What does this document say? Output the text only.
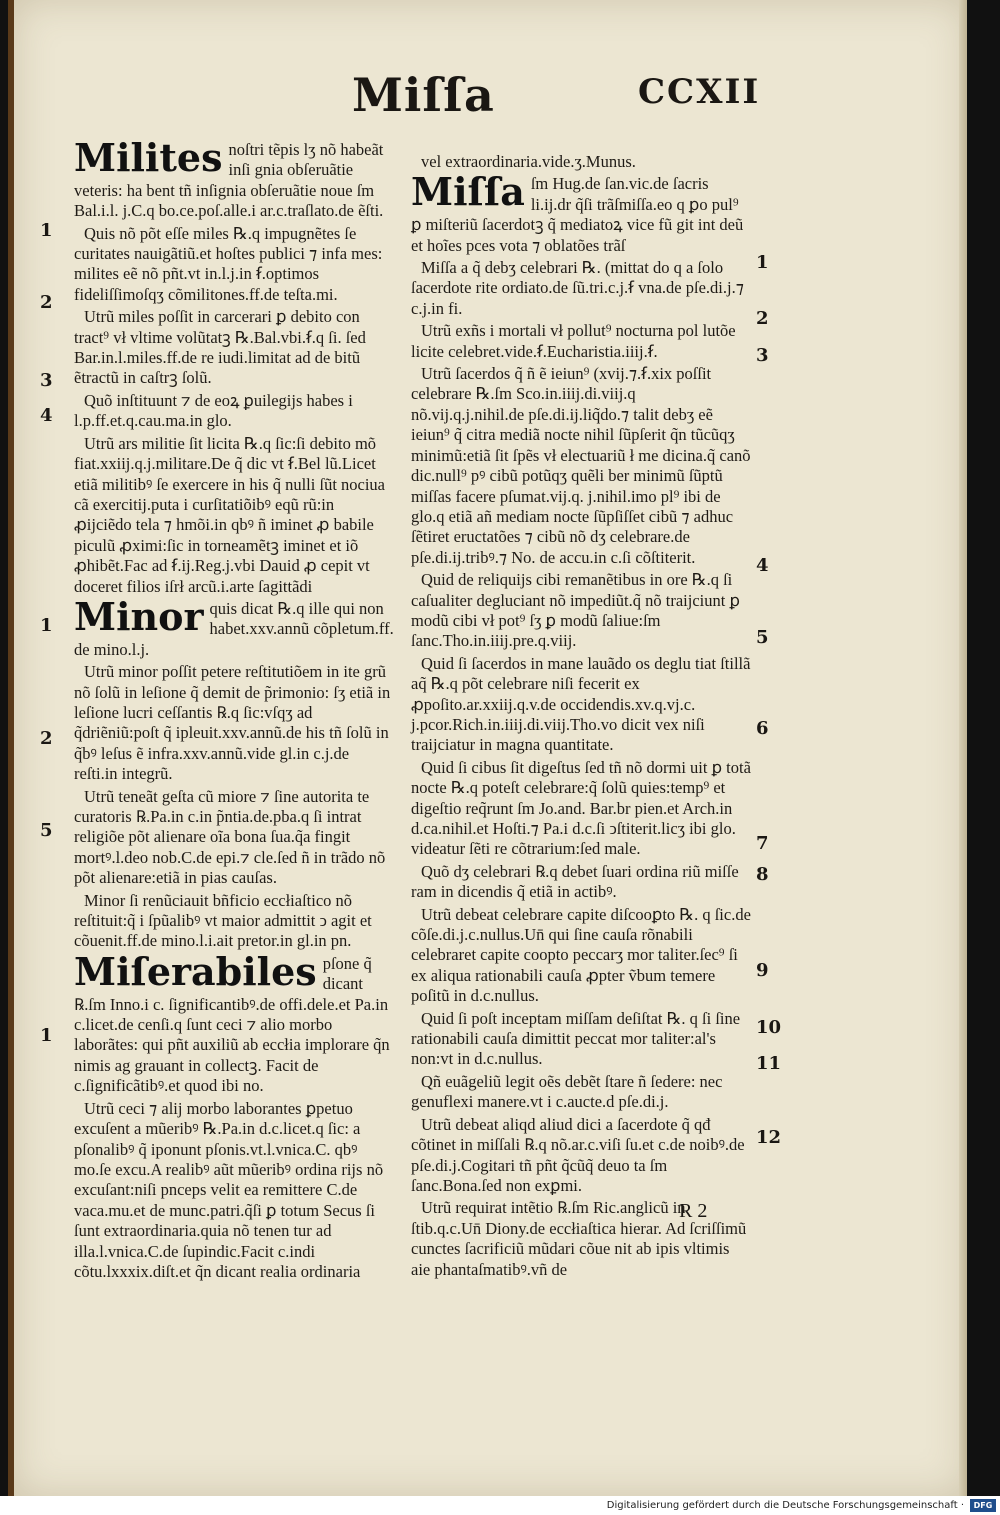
Miſſa	CCXII
Milites noſtri tẽpis lʒ nõ habeãt inſi gnia obſeruãtie veteris: ha bent tñ inſignia obſeruãtie noue ſm Bal.i.l. j.C.q bo.ce.poſ.alle.i ar.c.traſlato.de ẽſti.

Quis nõ põt eſſe miles ℞.q impugnẽtes ſe curitates nauigãtiũ.et hoſtes publici ⁊ infa mes: milites eẽ nõ pñt.vt in.l.j.in ẜ.optimos fideliſſimoſqʒ cõmilitones.ff.de teſta.mi.

Utrũ miles poſſit in carcerari ꝑ debito con tract⁹ vł vltime volũtatꝫ ℞.Bal.vbi.ẜ.q ſi. ſed Bar.in.l.miles.ff.de re iudi.limitat ad de bitũ ẽtractũ in caſtrꝫ ſolũ.

Quõ inſtituunt ⁊ de eoꝝ ꝑuilegijs habes i l.p.ff.et.q.cau.ma.in glo.

Utrũ ars militie ſit licita ℞.q ſic:ſi debito mõ fiat.xxiij.q.j.militare.De q̃ dic vt ẜ.Bel lũ.Licet etiã militibꝰ ſe exercere in his q̃ nulli ſũt nociua cã exercitij.puta i curſitatiõibꝰ eqũ rũ:in ꝓijciẽdo tela ⁊ hmõi.in qbꝰ ñ iminet ꝓ babile piculũ ꝓximi:ſic in torneamẽtꝫ iminet et iõ ꝓhibẽt.Fac ad ẜ.ij.Reg.j.vbi Dauid ꝓ cepit vt doceret filios iſrł arcũ.i.arte ſagittãdi

Minor quis dicat ℞.q ille qui non habet.xxv.annũ cõpletum.ff. de mino.l.j.

Utrũ minor poſſit petere reſtitutiõem in ite grũ nõ ſolũ in leſione q̃ demit de p̃rimonio: ſʒ etiã in leſione lucri ceſſantis ℞.q ſic:vſqʒ ad q̃driẽniũ:poſt q̃ ipleuit.xxv.annũ.de his tñ ſolũ in q̃bꝰ leſus ẽ infra.xxv.annũ.vide gl.in c.j.de reſti.in integrũ.

Utrũ teneãt geſta cũ miore ⁊ ſine autorita te curatoris ℞.Pa.in c.in p̃ntia.de.pba.q ſi intrat religiõe põt alienare oĩa bona ſua.q̃a fingit mortꝰ.l.deo nob.C.de epi.⁊ cle.ſed ñ in trãdo nõ põt alienare:etiã in pias cauſas.

Minor ſi renũciauit bñficio eccłiaſtico nõ reſtituit:q̃ i ſpũalibꝰ vt maior admittit ↄ agit et cõuenit.ff.de mino.l.i.ait pretor.in gl.in pn.

Miſerabiles pſone q̃ dicant ℞.ſm Inno.i c. ſignificantibꝰ.de offi.dele.et Pa.in c.licet.de cenſi.q ſunt ceci ⁊ alio morbo laborãtes: qui pñt auxiliũ ab eccłia implorare q̃n nimis ag grauant in collectꝫ. Facit de c.ſignificãtibꝰ.et quod ibi no.

Utrũ ceci ⁊ alij morbo laborantes ꝑpetuo excuſent a mũeribꝰ ℞.Pa.in d.c.licet.q ſic: a pſonalibꝰ q̃ iponunt pſonis.vt.l.vnica.C. qbꝰ mo.ſe excu.A realibꝰ aũt mũeribꝰ ordina rijs nõ excuſant:niſi pnceps velit ea remittere C.de vaca.mu.et de munc.patri.q̃ſi ꝑ totum Secus ſi ſunt extraordinaria.quia nõ tenen tur ad illa.l.vnica.C.de ſupindic.Facit c.indi cõtu.lxxxix.diſt.et q̃n dicant realia ordinaria

vel extraordinaria.vide.ʒ.Munus.

Miſſa ſm Hug.de ſan.vic.de ſacris li.ij.dr q̃ſi trãſmiſſa.eo q ꝑo pul⁹ ꝑ miſteriũ ſacerdotꝫ q̃ mediatoꝝ vice fũ git int deũ et hoĩes pces vota ⁊ oblatões trãſ

Miſſa a q̃ debʒ celebrari ℞. (mittat do q a ſolo ſacerdote rite ordiato.de ſũ.tri.c.j.ẜ vna.de pſe.di.j.⁊ c.j.in fi.

Utrũ exñs i mortali vł pollut⁹ nocturna pol lutõe licite celebret.vide.ẜ.Eucharistia.iiij.ẜ.

Utrũ ſacerdos q̃ ñ ẽ ieiun⁹ (xvij.⁊.ẜ.xix poſſit celebrare ℞.ſm Sco.in.iiij.di.viij.q nõ.vij.q.j.nihil.de pſe.di.ij.liq̃do.⁊ talit debʒ eẽ ieiun⁹ q̃ citra mediã nocte nihil ſũpſerit q̃n tũcũqʒ minimũ:etiã ſit ſpẽs vł electuariũ ł me dicina.q̃ canõ dic.null⁹ pꝰ cibũ potũqʒ quẽli ber minimũ ſũptũ miſſas facere pſumat.vij.q. j.nihil.imo pl⁹ ibi de glo.q etiã añ mediam nocte ſũpſiſſet cibũ ⁊ adhuc ſẽtiret eructatões ⁊ cibũ nõ dʒ celebrare.de pſe.di.ij.tribꝰ.⁊ No. de accu.in c.ſi cõſtiterit.

Quid de reliquijs cibi remanẽtibus in ore ℞.q ſi caſualiter degluciant nõ impediũt.q̃ nõ traijciunt ꝑ modũ cibi vł pot⁹ ſʒ ꝑ modũ ſaliue:ſm ſanc.Tho.in.iiij.pre.q.viij.

Quid ſi ſacerdos in mane lauãdo os deglu tiat ſtillã aq̃ ℞.q põt celebrare niſi fecerit ex ꝓpoſito.ar.xxiij.q.v.de occidendis.xv.q.vj.c. j.pcor.Rich.in.iiij.di.viij.Tho.vo dicit vex niſi traijciatur in magna quantitate.

Quid ſi cibus ſit digeſtus ſed tñ nõ dormi uit ꝑ totã nocte ℞.q poteſt celebrare:q̃ ſolũ quies:temp⁹ et digeſtio req̃runt ſm Jo.and. Bar.br pien.et Arch.in d.ca.nihil.et Hoſti.⁊ Pa.i d.c.ſi ↄſtiterit.licʒ ibi glo. videatur ſẽti re cõtrarium:ſed male.

Quõ dʒ celebrari ℞.q debet ſuari ordina riũ miſſe ram in dicendis q̃ etiã in actibꝰ.

Utrũ debeat celebrare capite diſcooꝑto ℞. q ſic.de cõſe.di.j.c.nullus.Un̄ qui ſine cauſa rõnabili celebraret capite coopto peccarʒ mor taliter.ſec⁹ ſi ex aliqua rationabili cauſa ꝓpter ṽbum temere poſitũ in d.c.nullus.

Quid ſi poſt inceptam miſſam deſiſtat ℞. q ſi ſine rationabili cauſa dimittit peccat mor taliter:al's non:vt in d.c.nullus.

Qñ euãgeliũ legit oẽs debẽt ſtare ñ ſedere: nec genuflexi manere.vt i c.aucte.d pſe.di.j.

Utrũ debeat aliqd aliud dici a ſacerdote q̃ qđ cõtinet in miſſali ℞.q nõ.ar.c.viſi ſu.et c.de noibꝰ.de pſe.di.j.Cogitari tñ pñt q̃cũq̃ deuo ta ſm ſanc.Bona.ſed non exꝑmi.

Utrũ requirat intẽtio ℞.ſm Ric.anglicũ in ſtib.q.c.Un̄ Diony.de eccłiaſtica hierar. Ad ſcriſſimũ cunctes ſacrificiũ mũdari cõue nit ab ipis vltimis aie phantaſmatibꝰ.vñ de

1
2
3
4
1
2
5
1
1
2
3
4
5
6
7
8
9
10
11
12
R 2
Digitalisierung gefördert durch die Deutsche Forschungsgemeinschaft ·	DFG
